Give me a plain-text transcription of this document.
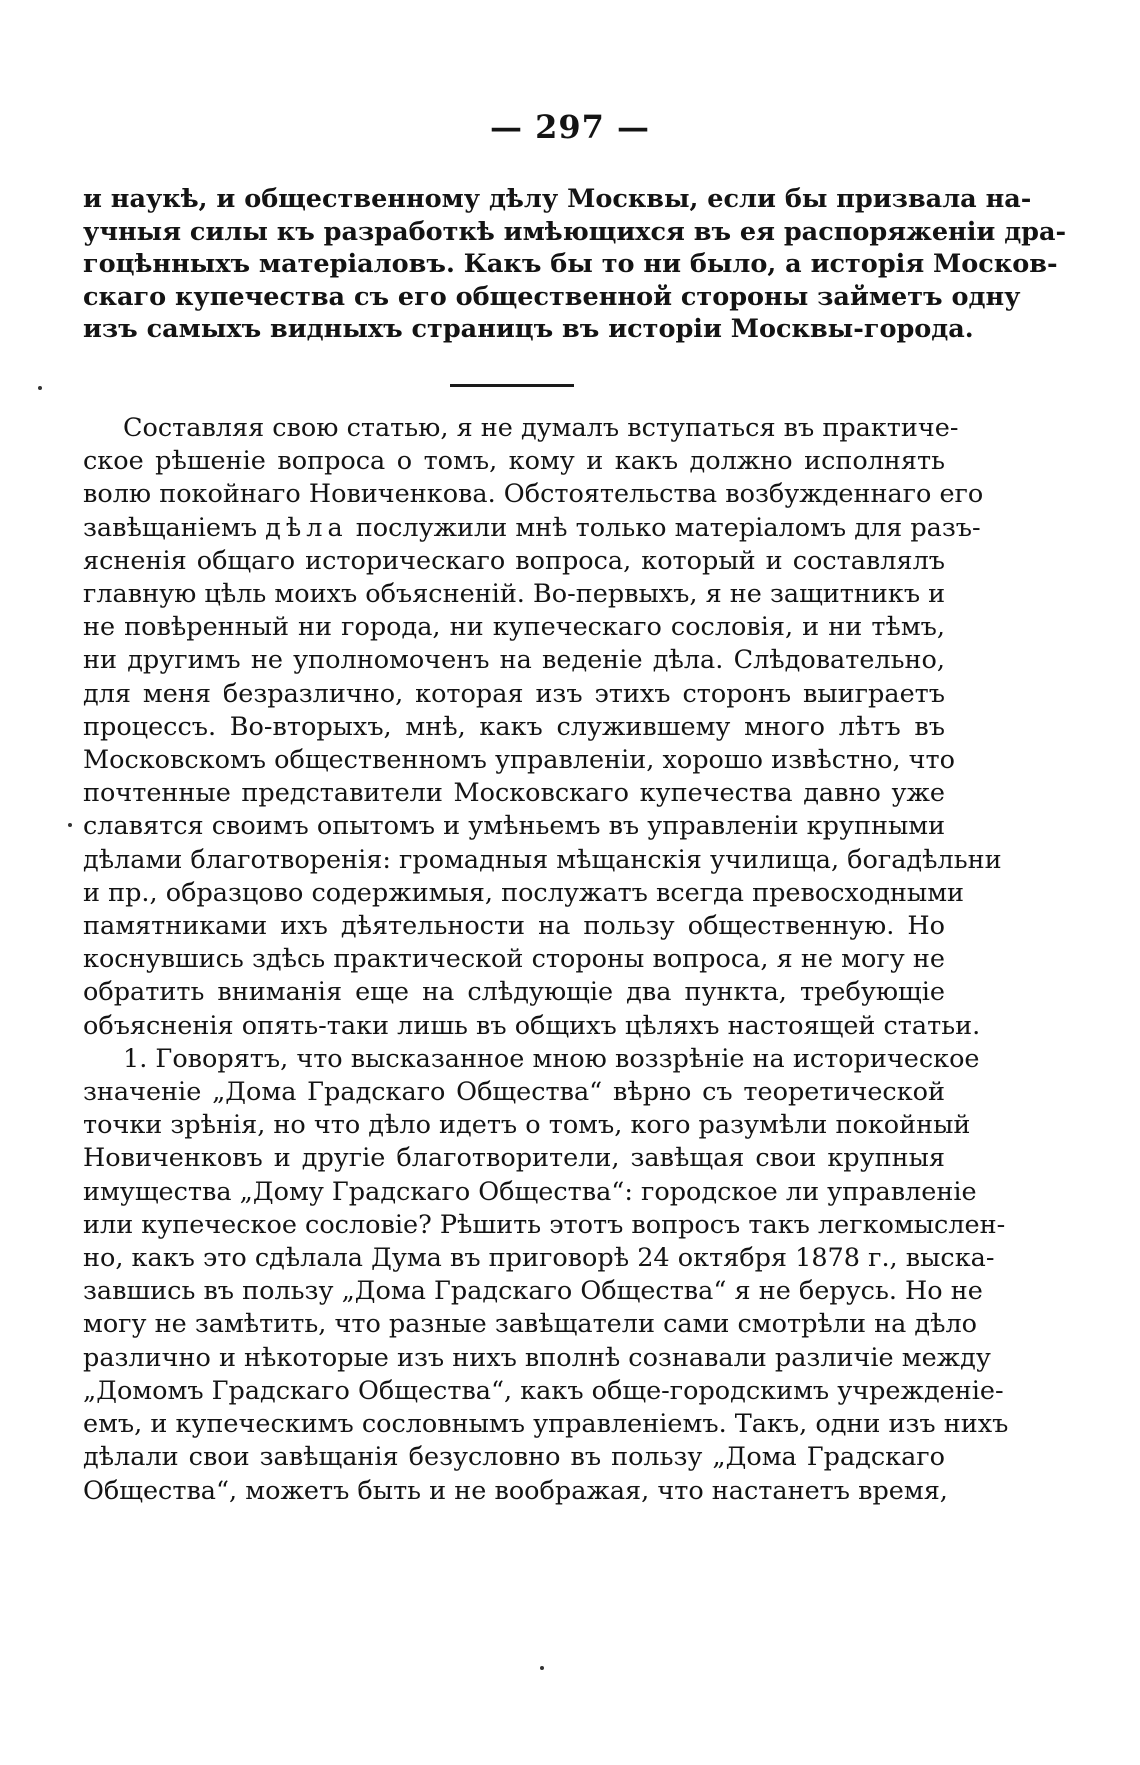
— 297 —
и наукѣ, и общественному дѣлу Москвы, если бы призвала на-
учныя силы къ разработкѣ имѣющихся въ ея распоряженіи дра-
гоцѣнныхъ матеріаловъ. Какъ бы то ни было, а исторія Москов-
скаго купечества съ его общественной стороны займетъ одну
изъ самыхъ видныхъ страницъ въ исторіи Москвы-города.
Составляя свою статью, я не думалъ вступаться въ практиче-
ское рѣшеніе вопроса о томъ, кому и какъ должно исполнять
волю покойнаго Новиченкова. Обстоятельства возбужденнаго его
завѣщаніемъ дѣла послужили мнѣ только матеріаломъ для разъ-
ясненія общаго историческаго вопроса, который и составлялъ
главную цѣль моихъ объясненій. Во-первыхъ, я не защитникъ и
не повѣренный ни города, ни купеческаго сословія, и ни тѣмъ,
ни другимъ не уполномоченъ на веденіе дѣла. Слѣдовательно,
для меня безразлично, которая изъ этихъ сторонъ выиграетъ
процессъ. Во-вторыхъ, мнѣ, какъ служившему много лѣтъ въ
Московскомъ общественномъ управленіи, хорошо извѣстно, что
почтенные представители Московскаго купечества давно уже
славятся своимъ опытомъ и умѣньемъ въ управленіи крупными
дѣлами благотворенія: громадныя мѣщанскія училища, богадѣльни
и пр., образцово содержимыя, послужатъ всегда превосходными
памятниками ихъ дѣятельности на пользу общественную. Но
коснувшись здѣсь практической стороны вопроса, я не могу не
обратить вниманія еще на слѣдующіе два пункта, требующіе
объясненія опять-таки лишь въ общихъ цѣляхъ настоящей статьи.
1. Говорятъ, что высказанное мною воззрѣніе на историческое
значеніе „Дома Градскаго Общества“ вѣрно съ теоретической
точки зрѣнія, но что дѣло идетъ о томъ, кого разумѣли покойный
Новиченковъ и другіе благотворители, завѣщая свои крупныя
имущества „Дому Градскаго Общества“: городское ли управленіе
или купеческое сословіе? Рѣшить этотъ вопросъ такъ легкомыслен-
но, какъ это сдѣлала Дума въ приговорѣ 24 октября 1878 г., выска-
завшись въ пользу „Дома Градскаго Общества“ я не берусь. Но не
могу не замѣтить, что разные завѣщатели сами смотрѣли на дѣло
различно и нѣкоторые изъ нихъ вполнѣ сознавали различіе между
„Домомъ Градскаго Общества“, какъ обще-городскимъ учрежденіе-
емъ, и купеческимъ сословнымъ управленіемъ. Такъ, одни изъ нихъ
дѣлали свои завѣщанія безусловно въ пользу „Дома Градскаго
Общества“, можетъ быть и не воображая, что настанетъ время,
